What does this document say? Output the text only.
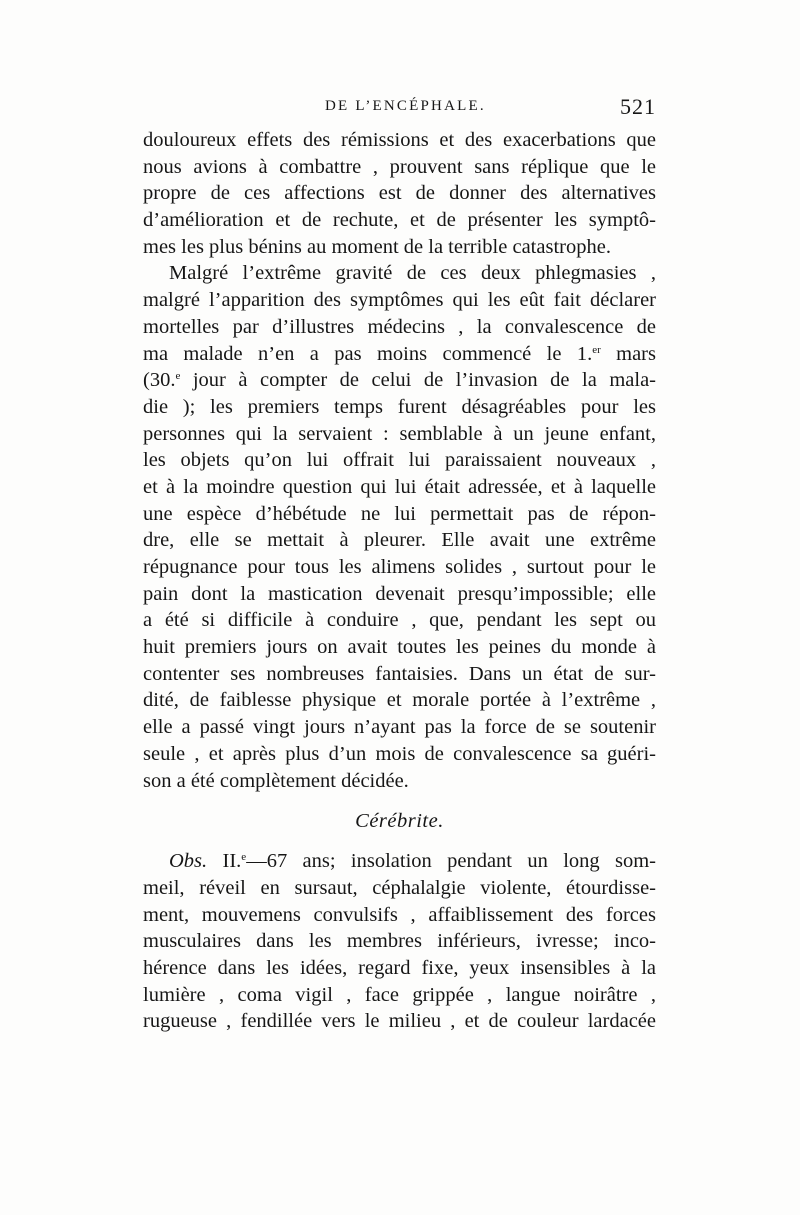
DE L’ENCÉPHALE.	521
douloureux effets des rémissions et des exacerbations que
nous avions à combattre , prouvent sans réplique que le
propre de ces affections est de donner des alternatives
d’amélioration et de rechute, et de présenter les symptô-
mes les plus bénins au moment de la terrible catastrophe.
Malgré l’extrême gravité de ces deux phlegmasies ,
malgré l’apparition des symptômes qui les eût fait déclarer
mortelles par d’illustres médecins , la convalescence de
ma malade n’en a pas moins commencé le 1.$^{er}$ mars
(30.$^e$ jour à compter de celui de l’invasion de la mala-
die ); les premiers temps furent désagréables pour les
personnes qui la servaient : semblable à un jeune enfant,
les objets qu’on lui offrait lui paraissaient nouveaux ,
et à la moindre question qui lui était adressée, et à laquelle
une espèce d’hébétude ne lui permettait pas de répon-
dre, elle se mettait à pleurer. Elle avait une extrême
répugnance pour tous les alimens solides , surtout pour le
pain dont la mastication devenait presqu’impossible; elle
a été si difficile à conduire , que, pendant les sept ou
huit premiers jours on avait toutes les peines du monde à
contenter ses nombreuses fantaisies. Dans un état de sur-
dité, de faiblesse physique et morale portée à l’extrême ,
elle a passé vingt jours n’ayant pas la force de se soutenir
seule , et après plus d’un mois de convalescence sa guéri-
son a été complètement décidée.
Cérébrite.
Obs. II.$^e$—67 ans; insolation pendant un long som-
meil, réveil en sursaut, céphalalgie violente, étourdisse-
ment, mouvemens convulsifs , affaiblissement des forces
musculaires dans les membres inférieurs, ivresse; inco-
hérence dans les idées, regard fixe, yeux insensibles à la
lumière , coma vigil , face grippée , langue noirâtre ,
rugueuse , fendillée vers le milieu , et de couleur lardacée
